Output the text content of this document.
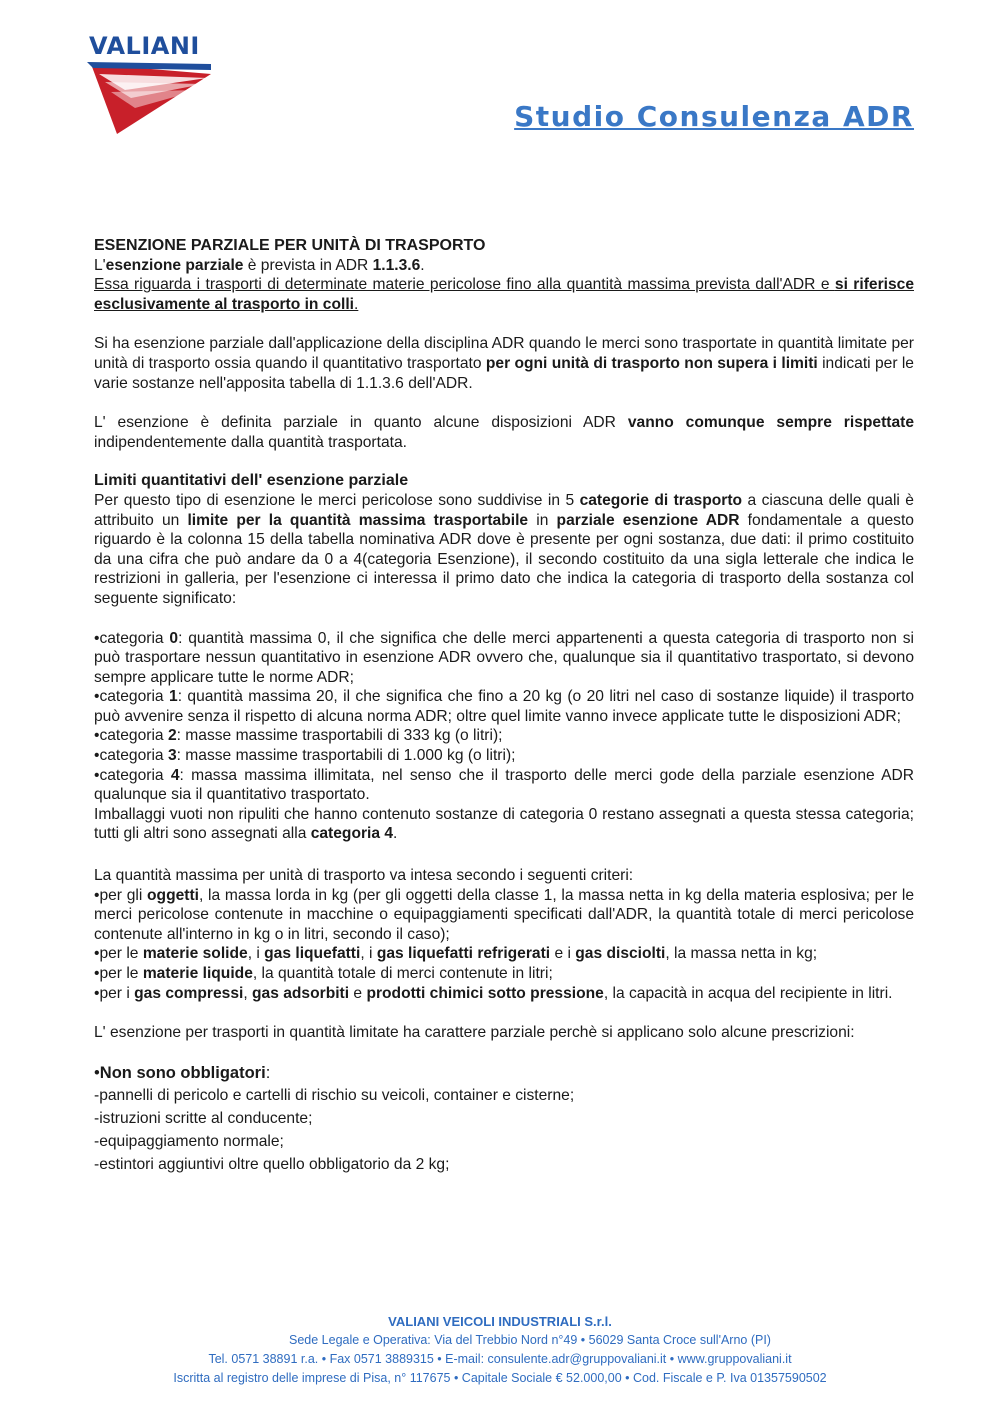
VALIANI
Studio Consulenza ADR

ESENZIONE PARZIALE PER UNITÀ DI TRASPORTO

L'esenzione parziale è prevista in ADR 1.1.3.6.

Essa riguarda i trasporti di determinate materie pericolose fino alla quantità massima prevista dall'ADR e si riferisce esclusivamente al trasporto in colli.

Si ha esenzione parziale dall'applicazione della disciplina ADR quando le merci sono trasportate in quantità limitate per unità di trasporto ossia quando il quantitativo trasportato per ogni unità di trasporto non supera i limiti indicati per le varie sostanze nell'apposita tabella di 1.1.3.6 dell'ADR.

L' esenzione è definita parziale in quanto alcune disposizioni ADR vanno comunque sempre rispettate indipendentemente dalla quantità trasportata.

Limiti quantitativi dell' esenzione parziale

Per questo tipo di esenzione le merci pericolose sono suddivise in 5 categorie di trasporto a ciascuna delle quali è attribuito un limite per la quantità massima trasportabile in parziale esenzione ADR fondamentale a questo riguardo è la colonna 15 della tabella nominativa ADR dove è presente per ogni sostanza, due dati: il primo costituito da una cifra che può andare da 0 a 4(categoria Esenzione), il secondo costituito da una sigla letterale che indica le restrizioni in galleria, per l'esenzione ci interessa il primo dato che indica la categoria di trasporto della sostanza col seguente significato:

•categoria 0: quantità massima 0, il che significa che delle merci appartenenti a questa categoria di trasporto non si può trasportare nessun quantitativo in esenzione ADR ovvero che, qualunque sia il quantitativo trasportato, si devono sempre applicare tutte le norme ADR;

•categoria 1: quantità massima 20, il che significa che fino a 20 kg (o 20 litri nel caso di sostanze liquide) il trasporto può avvenire senza il rispetto di alcuna norma ADR; oltre quel limite vanno invece applicate tutte le disposizioni ADR;

•categoria 2: masse massime trasportabili di 333 kg (o litri);

•categoria 3: masse massime trasportabili di 1.000 kg (o litri);

•categoria 4: massa massima illimitata, nel senso che il trasporto delle merci gode della parziale esenzione ADR qualunque sia il quantitativo trasportato.

Imballaggi vuoti non ripuliti che hanno contenuto sostanze di categoria 0 restano assegnati a questa stessa categoria; tutti gli altri sono assegnati alla categoria 4.

La quantità massima per unità di trasporto va intesa secondo i seguenti criteri:

•per gli oggetti, la massa lorda in kg (per gli oggetti della classe 1, la massa netta in kg della materia esplosiva; per le merci pericolose contenute in macchine o equipaggiamenti specificati dall'ADR, la quantità totale di merci pericolose contenute all'interno in kg o in litri, secondo il caso);

•per le materie solide, i gas liquefatti, i gas liquefatti refrigerati e i gas disciolti, la massa netta in kg;

•per le materie liquide, la quantità totale di merci contenute in litri;

•per i gas compressi, gas adsorbiti e prodotti chimici sotto pressione, la capacità in acqua del recipiente in litri.

L' esenzione per trasporti in quantità limitate ha carattere parziale perchè si applicano solo alcune prescrizioni:

•Non sono obbligatori:

-pannelli di pericolo e cartelli di rischio su veicoli, container e cisterne;

-istruzioni scritte al conducente;

-equipaggiamento normale;

-estintori aggiuntivi oltre quello obbligatorio da 2 kg;

VALIANI VEICOLI INDUSTRIALI S.r.l.
Sede Legale e Operativa: Via del Trebbio Nord n°49 • 56029 Santa Croce sull'Arno (PI)
Tel. 0571 38891 r.a. • Fax 0571 3889315 • E-mail: consulente.adr@gruppovaliani.it • www.gruppovaliani.it
Iscritta al registro delle imprese di Pisa, n° 117675 • Capitale Sociale € 52.000,00 • Cod. Fiscale e P. Iva 01357590502
